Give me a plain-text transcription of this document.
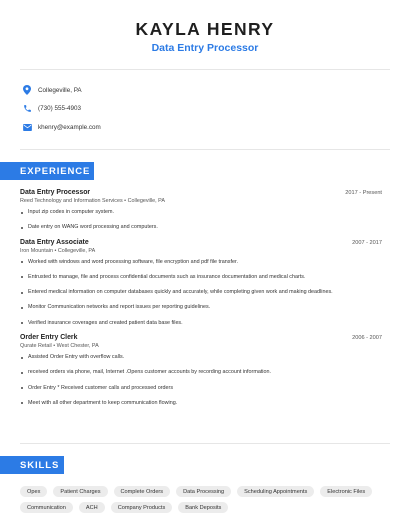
KAYLA HENRY
Data Entry Processor
Collegeville, PA
(730) 555-4903
khenry@example.com
EXPERIENCE
Data Entry Processor	2017 - Present
Reed Technology and Information Services • Collegeville, PA
Input zip codes in computer system.
Date entry on WANG word processing and computers.
Data Entry Associate	2007 - 2017
Iron Mountain • Collegeville, PA
Worked with windows and word processing software, file encryption and pdf file transfer.
Entrusted to manage, file and process confidential documents such as insurance documentation and medical charts.
Entered medical information on computer databases quickly and accurately, while completing given work and making deadlines.
Monitor Communication networks and report issues per reporting guidelines.
Verified insurance coverages and created patient data base files.
Order Entry Clerk	2006 - 2007
Qurate Retail • West Chester, PA
Assisted Order Entry with overflow calls.
received orders via phone, mail, Internet .Opens customer accounts by recording account information.
Order Entry * Received customer calls and processed orders
Meet with all other department to keep communication flowing.
SKILLS
Opex	Patient Charges	Complete Orders	Data Processing	Scheduling Appointments	Electronic Files
Communication	ACH	Company Products	Bank Deposits
